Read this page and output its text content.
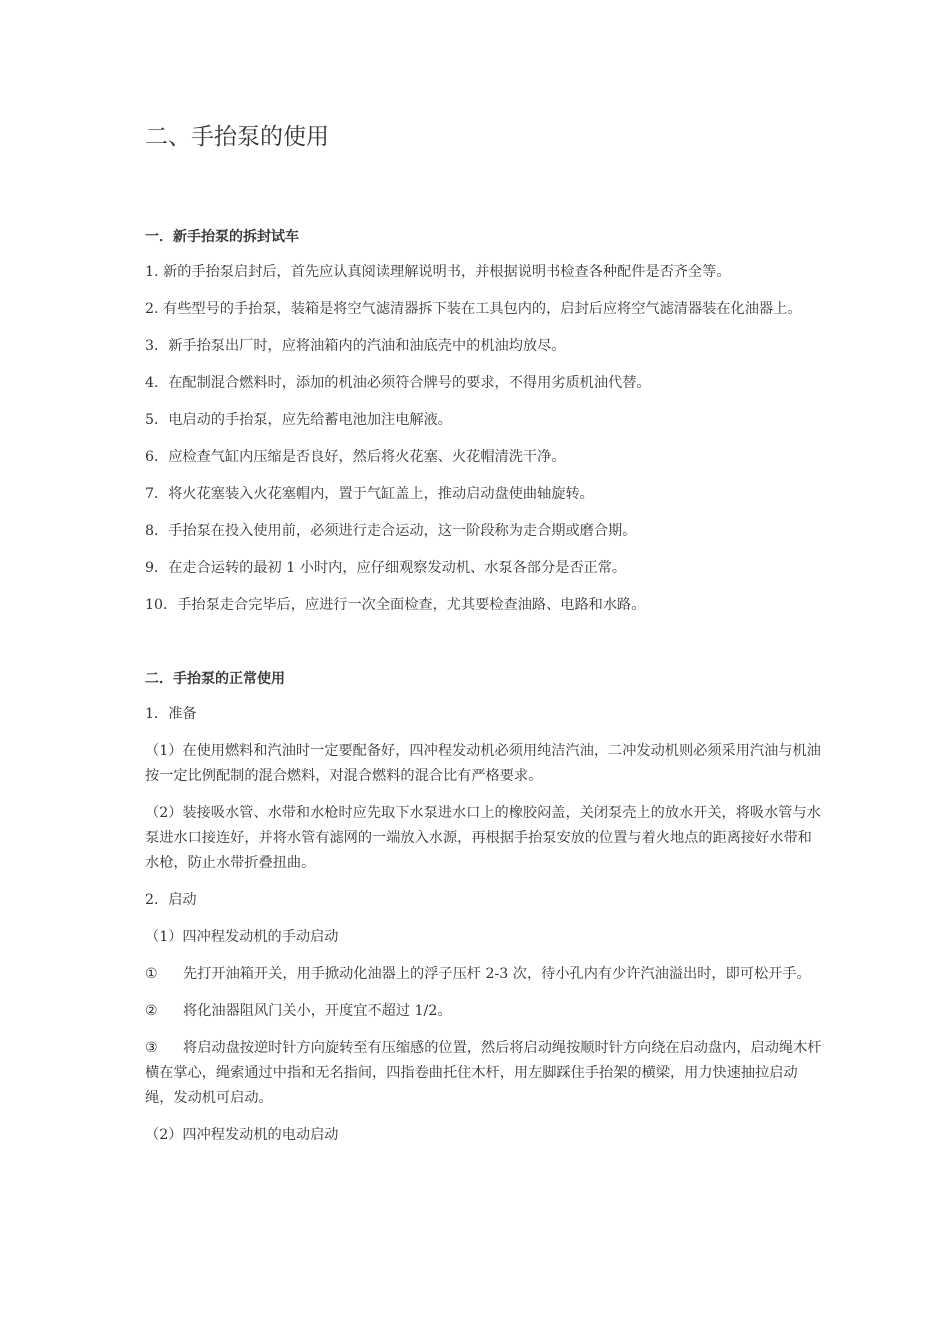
二、手抬泵的使用
一．新手抬泵的拆封试车

1. 新的手抬泵启封后，首先应认真阅读理解说明书，并根据说明书检查各种配件是否齐全等。

2. 有些型号的手抬泵，装箱是将空气滤清器拆下装在工具包内的，启封后应将空气滤清器装在化油器上。

3．新手抬泵出厂时，应将油箱内的汽油和油底壳中的机油均放尽。

4．在配制混合燃料时，添加的机油必须符合牌号的要求，不得用劣质机油代替。

5．电启动的手抬泵，应先给蓄电池加注电解液。

6．应检查气缸内压缩是否良好，然后将火花塞、火花帽清洗干净。

7．将火花塞装入火花塞帽内，置于气缸盖上，推动启动盘使曲轴旋转。

8．手抬泵在投入使用前，必须进行走合运动，这一阶段称为走合期或磨合期。

9．在走合运转的最初 1 小时内，应仔细观察发动机、水泵各部分是否正常。

10．手抬泵走合完毕后，应进行一次全面检查，尤其要检查油路、电路和水路。

二．手抬泵的正常使用

1．准备

（1）在使用燃料和汽油时一定要配备好，四冲程发动机必须用纯洁汽油，二冲发动机则必须采用汽油与机油按一定比例配制的混合燃料，对混合燃料的混合比有严格要求。

（2）装接吸水管、水带和水枪时应先取下水泵进水口上的橡胶闷盖，关闭泵壳上的放水开关，将吸水管与水泵进水口接连好，并将水管有滤网的一端放入水源，再根据手抬泵安放的位置与着火地点的距离接好水带和水枪，防止水带折叠扭曲。

2．启动

（1）四冲程发动机的手动启动

① 先打开油箱开关，用手掀动化油器上的浮子压杆 2-3 次，待小孔内有少许汽油溢出时，即可松开手。

② 将化油器阻风门关小，开度宜不超过 1/2。

③ 将启动盘按逆时针方向旋转至有压缩感的位置，然后将启动绳按顺时针方向绕在启动盘内，启动绳木杆横在掌心，绳索通过中指和无名指间，四指卷曲托住木杆，用左脚踩住手抬架的横梁，用力快速抽拉启动绳，发动机可启动。

（2）四冲程发动机的电动启动
